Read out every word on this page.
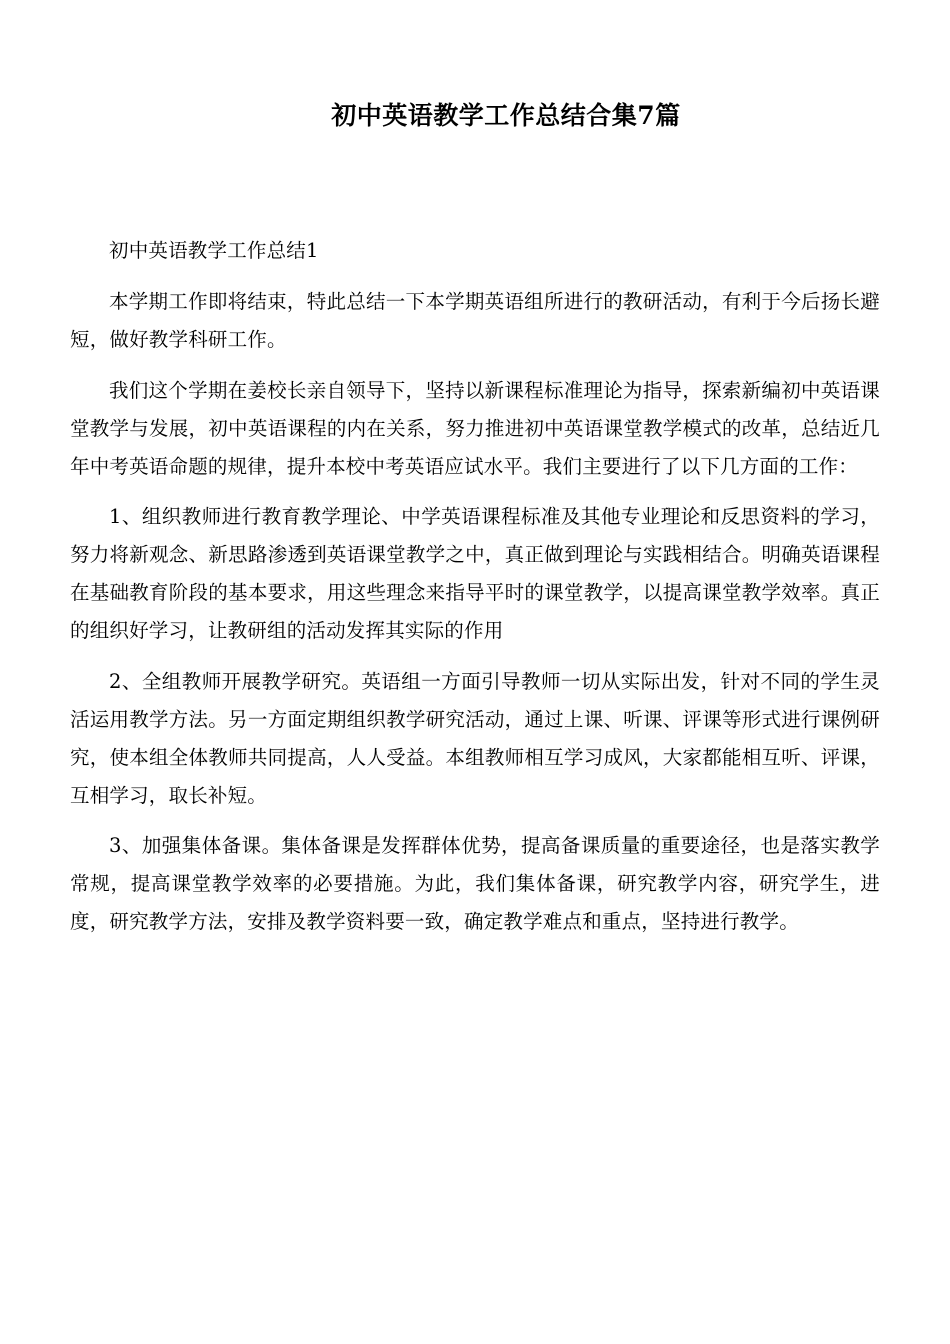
初中英语教学工作总结合集7篇

初中英语教学工作总结1

本学期工作即将结束，特此总结一下本学期英语组所进行的教研活动，有利于今后扬长避短，做好教学科研工作。

我们这个学期在姜校长亲自领导下，坚持以新课程标准理论为指导，探索新编初中英语课堂教学与发展，初中英语课程的内在关系，努力推进初中英语课堂教学模式的改革，总结近几年中考英语命题的规律，提升本校中考英语应试水平。我们主要进行了以下几方面的工作：

1、组织教师进行教育教学理论、中学英语课程标准及其他专业理论和反思资料的学习，努力将新观念、新思路渗透到英语课堂教学之中，真正做到理论与实践相结合。明确英语课程在基础教育阶段的基本要求，用这些理念来指导平时的课堂教学，以提高课堂教学效率。真正的组织好学习，让教研组的活动发挥其实际的作用

2、全组教师开展教学研究。英语组一方面引导教师一切从实际出发，针对不同的学生灵活运用教学方法。另一方面定期组织教学研究活动，通过上课、听课、评课等形式进行课例研究，使本组全体教师共同提高，人人受益。本组教师相互学习成风，大家都能相互听、评课，互相学习，取长补短。

3、加强集体备课。集体备课是发挥群体优势，提高备课质量的重要途径，也是落实教学常规，提高课堂教学效率的必要措施。为此，我们集体备课，研究教学内容，研究学生，进度，研究教学方法，安排及教学资料要一致，确定教学难点和重点，坚持进行教学。
